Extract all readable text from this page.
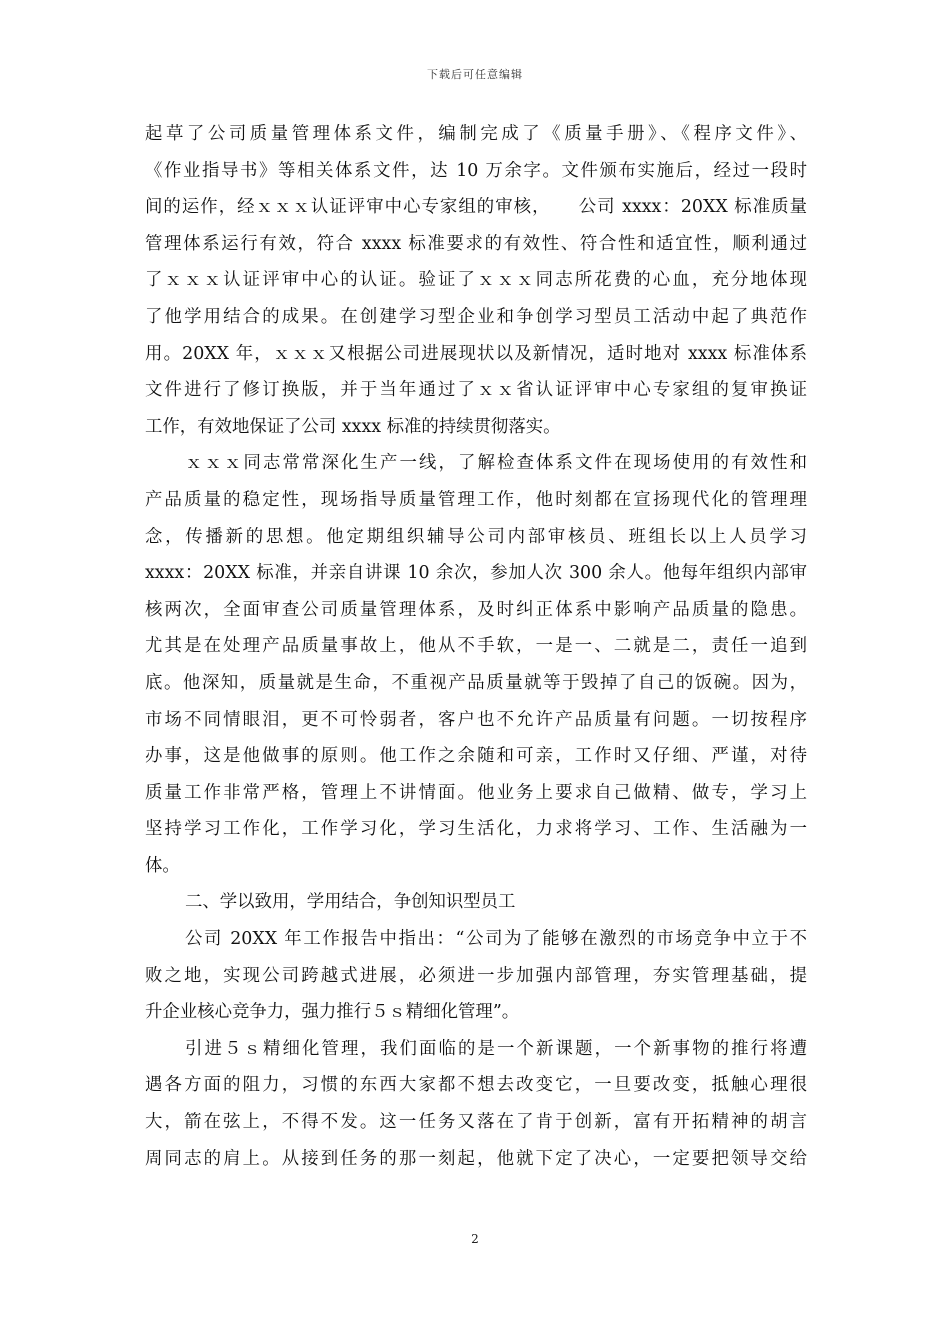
下载后可任意编辑
起草了公司质量管理体系文件，编制完成了《质量手册》、《程序文件》、
《作业指导书》等相关体系文件，达 10 万余字。文件颁布实施后，经过一段时
间的运作，经ｘｘｘ认证评审中心专家组的审核，　　公司 xxxx：20XX 标准质量
管理体系运行有效，符合 xxxx 标准要求的有效性、符合性和适宜性，顺利通过
了ｘｘｘ认证评审中心的认证。验证了ｘｘｘ同志所花费的心血，充分地体现
了他学用结合的成果。在创建学习型企业和争创学习型员工活动中起了典范作
用。20XX 年，ｘｘｘ又根据公司进展现状以及新情况，适时地对 xxxx 标准体系
文件进行了修订换版，并于当年通过了ｘｘ省认证评审中心专家组的复审换证
工作，有效地保证了公司 xxxx 标准的持续贯彻落实。
ｘｘｘ同志常常深化生产一线，了解检查体系文件在现场使用的有效性和
产品质量的稳定性，现场指导质量管理工作，他时刻都在宣扬现代化的管理理
念，传播新的思想。他定期组织辅导公司内部审核员、班组长以上人员学习
xxxx：20XX 标准，并亲自讲课 10 余次，参加人次 300 余人。他每年组织内部审
核两次，全面审查公司质量管理体系，及时纠正体系中影响产品质量的隐患。
尤其是在处理产品质量事故上，他从不手软，一是一、二就是二，责任一追到
底。他深知，质量就是生命，不重视产品质量就等于毁掉了自己的饭碗。因为，
市场不同情眼泪，更不可怜弱者，客户也不允许产品质量有问题。一切按程序
办事，这是他做事的原则。他工作之余随和可亲，工作时又仔细、严谨，对待
质量工作非常严格，管理上不讲情面。他业务上要求自己做精、做专，学习上
坚持学习工作化，工作学习化，学习生活化，力求将学习、工作、生活融为一
体。
二、学以致用，学用结合，争创知识型员工
公司 20XX 年工作报告中指出：“公司为了能够在激烈的市场竞争中立于不
败之地，实现公司跨越式进展，必须进一步加强内部管理，夯实管理基础，提
升企业核心竞争力，强力推行５ｓ精细化管理”。
引进５ｓ精细化管理，我们面临的是一个新课题，一个新事物的推行将遭
遇各方面的阻力，习惯的东西大家都不想去改变它，一旦要改变，抵触心理很
大，箭在弦上，不得不发。这一任务又落在了肯于创新，富有开拓精神的胡言
周同志的肩上。从接到任务的那一刻起，他就下定了决心，一定要把领导交给
2
